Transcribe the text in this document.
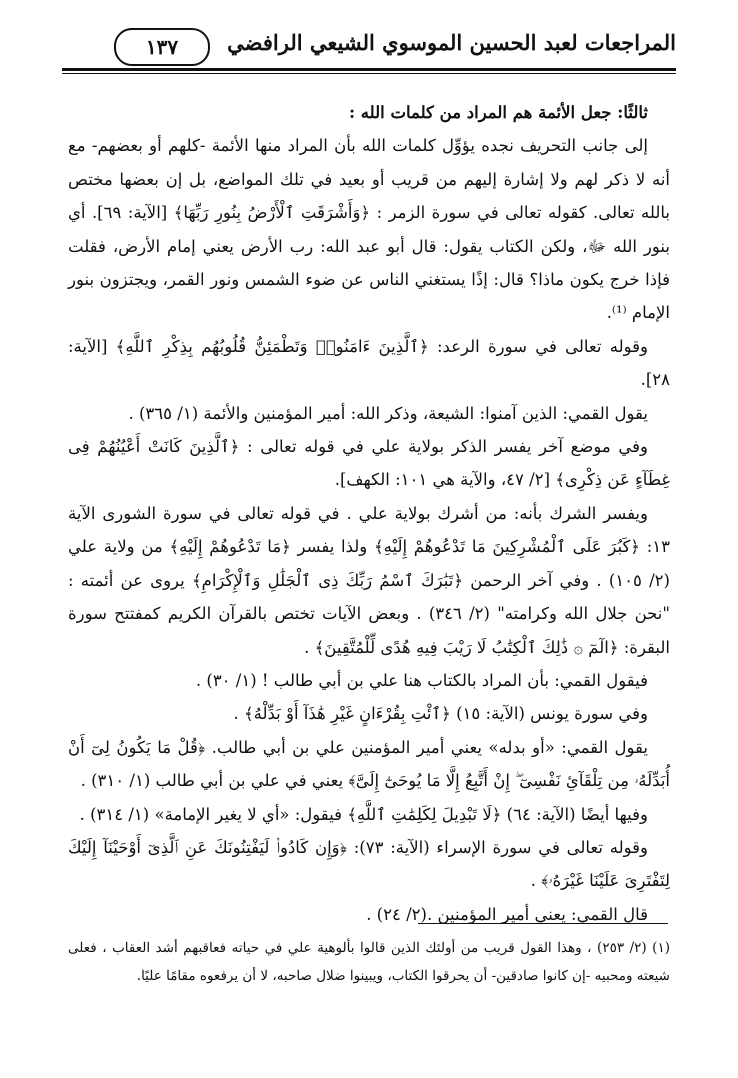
المراجعات لعبد الحسين الموسوي الشيعي الرافضي
١٣٧

ثالثًا: جعل الأئمة هم المراد من كلمات الله :

إلى جانب التحريف نجده يؤوِّل كلمات الله بأن المراد منها الأئمة -كلهم أو بعضهم- مع أنه لا ذكر لهم ولا إشارة إليهم من قريب أو بعيد في تلك المواضع، بل إن بعضها مختص بالله تعالى. كقوله تعالى في سورة الزمر : ﴿وَأَشْرَقَتِ ٱلْأَرْضُ بِنُورِ رَبِّهَا﴾ [الآية: ٦٩]. أي بنور الله ﷻ، ولكن الكتاب يقول: قال أبو عبد الله: رب الأرض يعني إمام الأرض، فقلت فإذا خرج يكون ماذا؟ قال: إذًا يستغني الناس عن ضوء الشمس ونور القمر، ويجتزون بنور الإمام ⁽¹⁾.

وقوله تعالى في سورة الرعد: ﴿ٱلَّذِينَ ءَامَنُوا۟ وَتَطْمَئِنُّ قُلُوبُهُم بِذِكْرِ ٱللَّهِ﴾ [الآية: ٢٨].

يقول القمي: الذين آمنوا: الشيعة، وذكر الله: أمير المؤمنين والأئمة (١/ ٣٦٥) .

وفي موضع آخر يفسر الذكر بولاية علي في قوله تعالى : ﴿ٱلَّذِينَ كَانَتْ أَعْيُنُهُمْ فِى غِطَآءٍ عَن ذِكْرِى﴾ [٢/ ٤٧، والآية هي ١٠١: الكهف].

ويفسر الشرك بأنه: من أشرك بولاية علي . في قوله تعالى في سورة الشورى الآية ١٣: ﴿كَبُرَ عَلَى ٱلْمُشْرِكِينَ مَا تَدْعُوهُمْ إِلَيْهِ﴾ ولذا يفسر ﴿مَا تَدْعُوهُمْ إِلَيْهِ﴾ من ولاية علي (٢/ ١٠٥) . وفي آخر الرحمن ﴿تَبَٰرَكَ ٱسْمُ رَبِّكَ ذِى ٱلْجَلَٰلِ وَٱلْإِكْرَامِ﴾ يروى عن أئمته : "نحن جلال الله وكرامته" (٢/ ٣٤٦) . وبعض الآيات تختص بالقرآن الكريم كمفتتح سورة البقرة: ﴿الٓمٓ ۞ ذَٰلِكَ ٱلْكِتَٰبُ لَا رَيْبَ فِيهِ هُدًى لِّلْمُتَّقِينَ﴾ .

فيقول القمي: بأن المراد بالكتاب هنا علي بن أبي طالب ! (١/ ٣٠) .

وفي سورة يونس (الآية: ١٥) ﴿ٱئْتِ بِقُرْءَانٍ غَيْرِ هَٰذَآ أَوْ بَدِّلْهُ﴾ .

يقول القمي: «أو بدله» يعني أمير المؤمنين علي بن أبي طالب. ﴿قُلْ مَا يَكُونُ لِىٓ أَنْ أُبَدِّلَهُۥ مِن تِلْقَآئِ نَفْسِىٓ ۖ إِنْ أَتَّبِعُ إِلَّا مَا يُوحَىٰٓ إِلَىَّ﴾ يعني في علي بن أبي طالب (١/ ٣١٠) .

وفيها أيضًا (الآية: ٦٤) ﴿لَا تَبْدِيلَ لِكَلِمَٰتِ ٱللَّهِ﴾ فيقول: «أي لا يغير الإمامة» (١/ ٣١٤) .

وقوله تعالى في سورة الإسراء (الآية: ٧٣): ﴿وَإِن كَادُوا۟ لَيَفْتِنُونَكَ عَنِ ٱلَّذِىٓ أَوْحَيْنَآ إِلَيْكَ لِتَفْتَرِىَ عَلَيْنَا غَيْرَهُۥ﴾ .

قال القمي: يعني أمير المؤمنين .(٢/ ٢٤) .

(١) (٢/ ٢٥٣) ، وهذا القول قريب من أولئك الذين قالوا بألوهية علي في حياته فعاقبهم أشد العقاب ، فعلى شيعته ومحبيه -إن كانوا صادقين- أن يحرقوا الكتاب، ويبينوا ضلال صاحبه، لا أن يرفعوه مقامًا عليًا.
